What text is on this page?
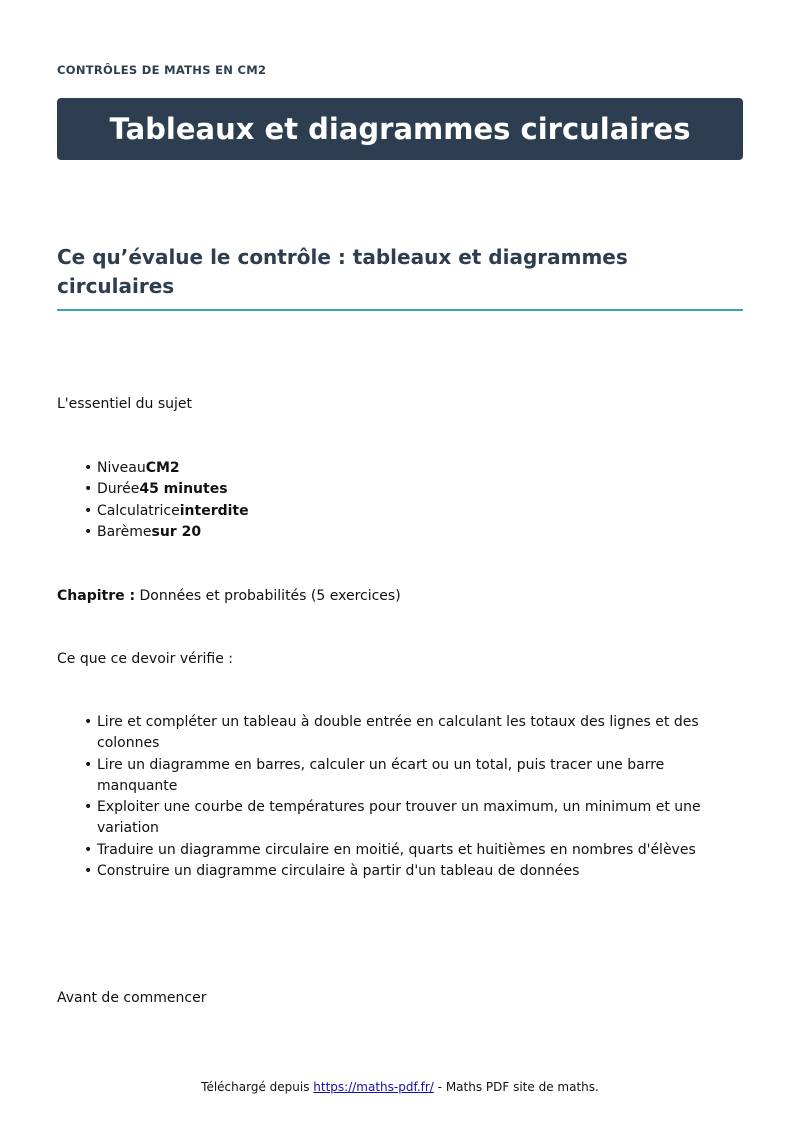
CONTRÔLES DE MATHS EN CM2
Tableaux et diagrammes circulaires
Ce qu’évalue le contrôle : tableaux et diagrammes circulaires
L'essentiel du sujet
• NiveauCM2
• Durée45 minutes
• Calculatriceinterdite
• Barèmesur 20
Chapitre : Données et probabilités (5 exercices)
Ce que ce devoir vérifie :
• Lire et compléter un tableau à double entrée en calculant les totaux des lignes et des colonnes
• Lire un diagramme en barres, calculer un écart ou un total, puis tracer une barre manquante
• Exploiter une courbe de températures pour trouver un maximum, un minimum et une variation
• Traduire un diagramme circulaire en moitié, quarts et huitièmes en nombres d'élèves
• Construire un diagramme circulaire à partir d'un tableau de données
Avant de commencer
Téléchargé depuis https://maths-pdf.fr/ - Maths PDF site de maths.
